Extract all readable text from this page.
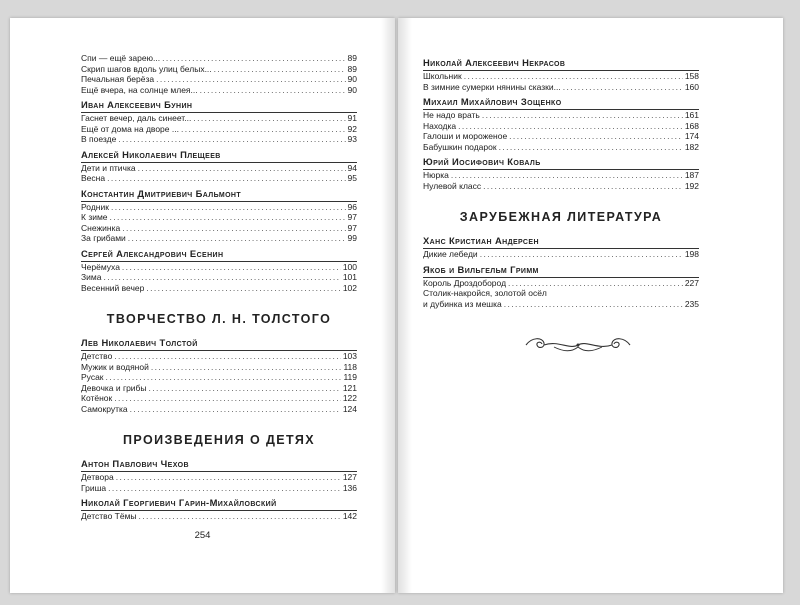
Спи — ещё зарею... .....	89
Скрип шагов вдоль улиц белых... .....	89
Печальная берёза .....	90
Ещё вчера, на солнце млея... .....	90
Иван Алексеевич Бунин
Гаснет вечер, даль синеет... .....	91
Ещё от дома на дворе ... .....	92
В поезде .....	93
Алексей Николаевич Плещеев
Дети и птичка .....	94
Весна .....	95
Константин Дмитриевич Бальмонт
Родник .....	96
К зиме .....	97
Снежинка .....	97
За грибами .....	99
Сергей Александрович Есенин
Черёмуха .....	100
Зима .....	101
Весенний вечер .....	102
ТВОРЧЕСТВО Л. Н. ТОЛСТОГО
Лев Николаевич Толстой
Детство .....	103
Мужик и водяной .....	118
Русак .....	119
Девочка и грибы .....	121
Котёнок .....	122
Самокрутка .....	124
ПРОИЗВЕДЕНИЯ О ДЕТЯХ
Антон Павлович Чехов
Детвора .....	127
Гриша .....	136
Николай Георгиевич Гарин-Михайловский
Детство Тёмы .....	142
254
Николай Алексеевич Некрасов
Школьник .....	158
В зимние сумерки нянины сказки... .....	160
Михаил Михайлович Зощенко
Не надо врать .....	161
Находка .....	168
Галоши и мороженое .....	174
Бабушкин подарок .....	182
Юрий Иосифович Коваль
Нюрка .....	187
Нулевой класс .....	192
ЗАРУБЕЖНАЯ ЛИТЕРАТУРА
Ханс Кристиан Андерсен
Дикие лебеди .....	198
Якоб и Вильгельм Гримм
Король Дроздобород .....	227
Столик-накройся, золотой осёл
и дубинка из мешка .....	235
